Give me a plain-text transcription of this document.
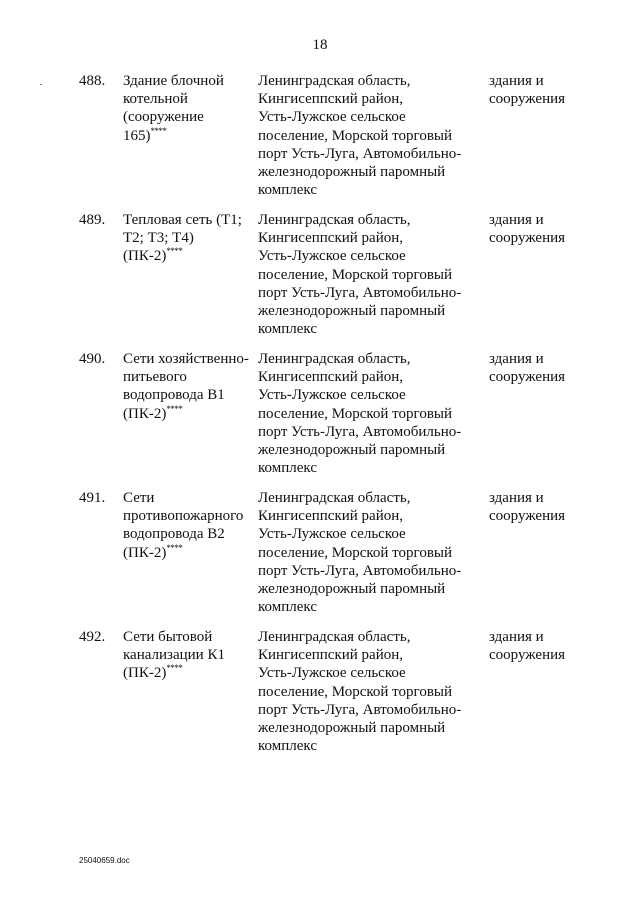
18
488. Здание блочной
котельной
(сооружение
165)****
Ленинградская область,
Кингисеппский район,
Усть-Лужское сельское
поселение, Морской торговый
порт Усть-Луга, Автомобильно-
железнодорожный паромный
комплекс
здания и
сооружения
489. Тепловая сеть (Т1;
Т2; Т3; Т4)
(ПК-2)****
Ленинградская область,
Кингисеппский район,
Усть-Лужское сельское
поселение, Морской торговый
порт Усть-Луга, Автомобильно-
железнодорожный паромный
комплекс
здания и
сооружения
490. Сети хозяйственно-
питьевого
водопровода В1
(ПК-2)****
Ленинградская область,
Кингисеппский район,
Усть-Лужское сельское
поселение, Морской торговый
порт Усть-Луга, Автомобильно-
железнодорожный паромный
комплекс
здания и
сооружения
491. Сети
противопожарного
водопровода В2
(ПК-2)****
Ленинградская область,
Кингисеппский район,
Усть-Лужское сельское
поселение, Морской торговый
порт Усть-Луга, Автомобильно-
железнодорожный паромный
комплекс
здания и
сооружения
492. Сети бытовой
канализации К1
(ПК-2)****
Ленинградская область,
Кингисеппский район,
Усть-Лужское сельское
поселение, Морской торговый
порт Усть-Луга, Автомобильно-
железнодорожный паромный
комплекс
здания и
сооружения
25040659.doc
